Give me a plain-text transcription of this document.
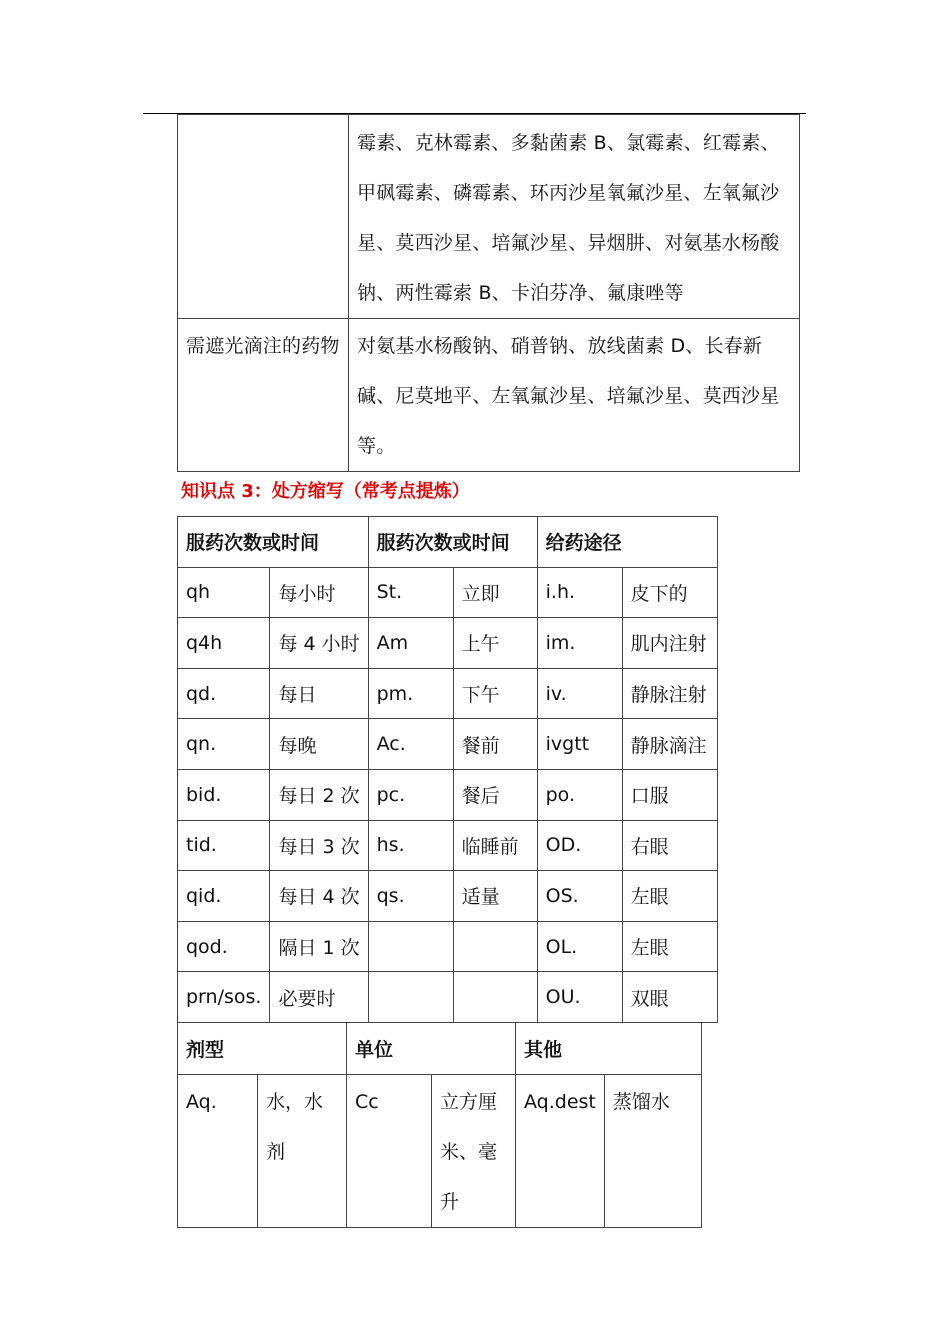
	霉素、克林霉素、多黏菌素 B、氯霉素、红霉素、甲砜霉素、磷霉素、环丙沙星氧氟沙星、左氧氟沙星、莫西沙星、培氟沙星、异烟肼、对氨基水杨酸钠、两性霉索 B、卡泊芬净、氟康唑等
需遮光滴注的药物	对氨基水杨酸钠、硝普钠、放线菌素 D、长春新碱、尼莫地平、左氧氟沙星、培氟沙星、莫西沙星等。
知识点 3：处方缩写（常考点提炼）
服药次数或时间		服药次数或时间		给药途径	
qh	每小时	St.	立即	i.h.	皮下的
q4h	每 4 小时	Am	上午	im.	肌内注射
qd.	每日	pm.	下午	iv.	静脉注射
qn.	每晚	Ac.	餐前	ivgtt	静脉滴注
bid.	每日 2 次	pc.	餐后	po.	口服
tid.	每日 3 次	hs.	临睡前	OD.	右眼
qid.	每日 4 次	qs.	适量	OS.	左眼
qod.	隔日 1 次			OL.	左眼
prn/sos.	必要时			OU.	双眼
剂型		单位		其他	
Aq.	水，水剂	Cc	立方厘米、毫升	Aq.dest	蒸馏水
